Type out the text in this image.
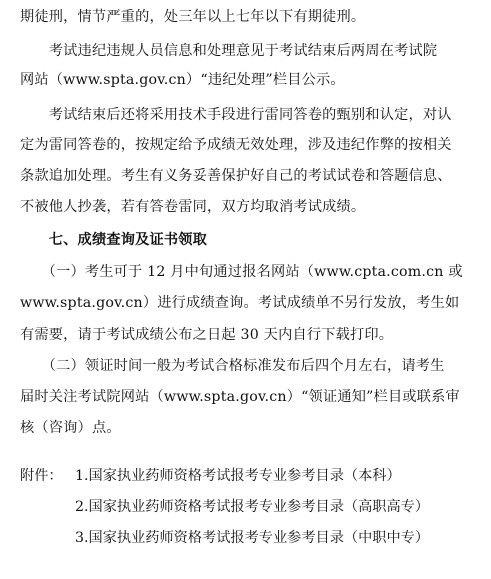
期徒刑，情节严重的，处三年以上七年以下有期徒刑。
　　考试违纪违规人员信息和处理意见于考试结束后两周在考试院
网站（www.spta.gov.cn）“违纪处理”栏目公示。
　　考试结束后还将采用技术手段进行雷同答卷的甄别和认定，对认
定为雷同答卷的，按规定给予成绩无效处理，涉及违纪作弊的按相关
条款追加处理。考生有义务妥善保护好自己的考试试卷和答题信息、
不被他人抄袭，若有答卷雷同，双方均取消考试成绩。
　　七、成绩查询及证书领取
　　（一）考生可于 12 月中旬通过报名网站（www.cpta.com.cn 或
www.spta.gov.cn）进行成绩查询。考试成绩单不另行发放，考生如
有需要，请于考试成绩公布之日起 30 天内自行下载打印。
　　（二）领证时间一般为考试合格标准发布后四个月左右，请考生
届时关注考试院网站（www.spta.gov.cn）“领证通知”栏目或联系审
核（咨询）点。
附件： 1.国家执业药师资格考试报考专业参考目录（本科）
2.国家执业药师资格考试报考专业参考目录（高职高专）
3.国家执业药师资格考试报考专业参考目录（中职中专）
